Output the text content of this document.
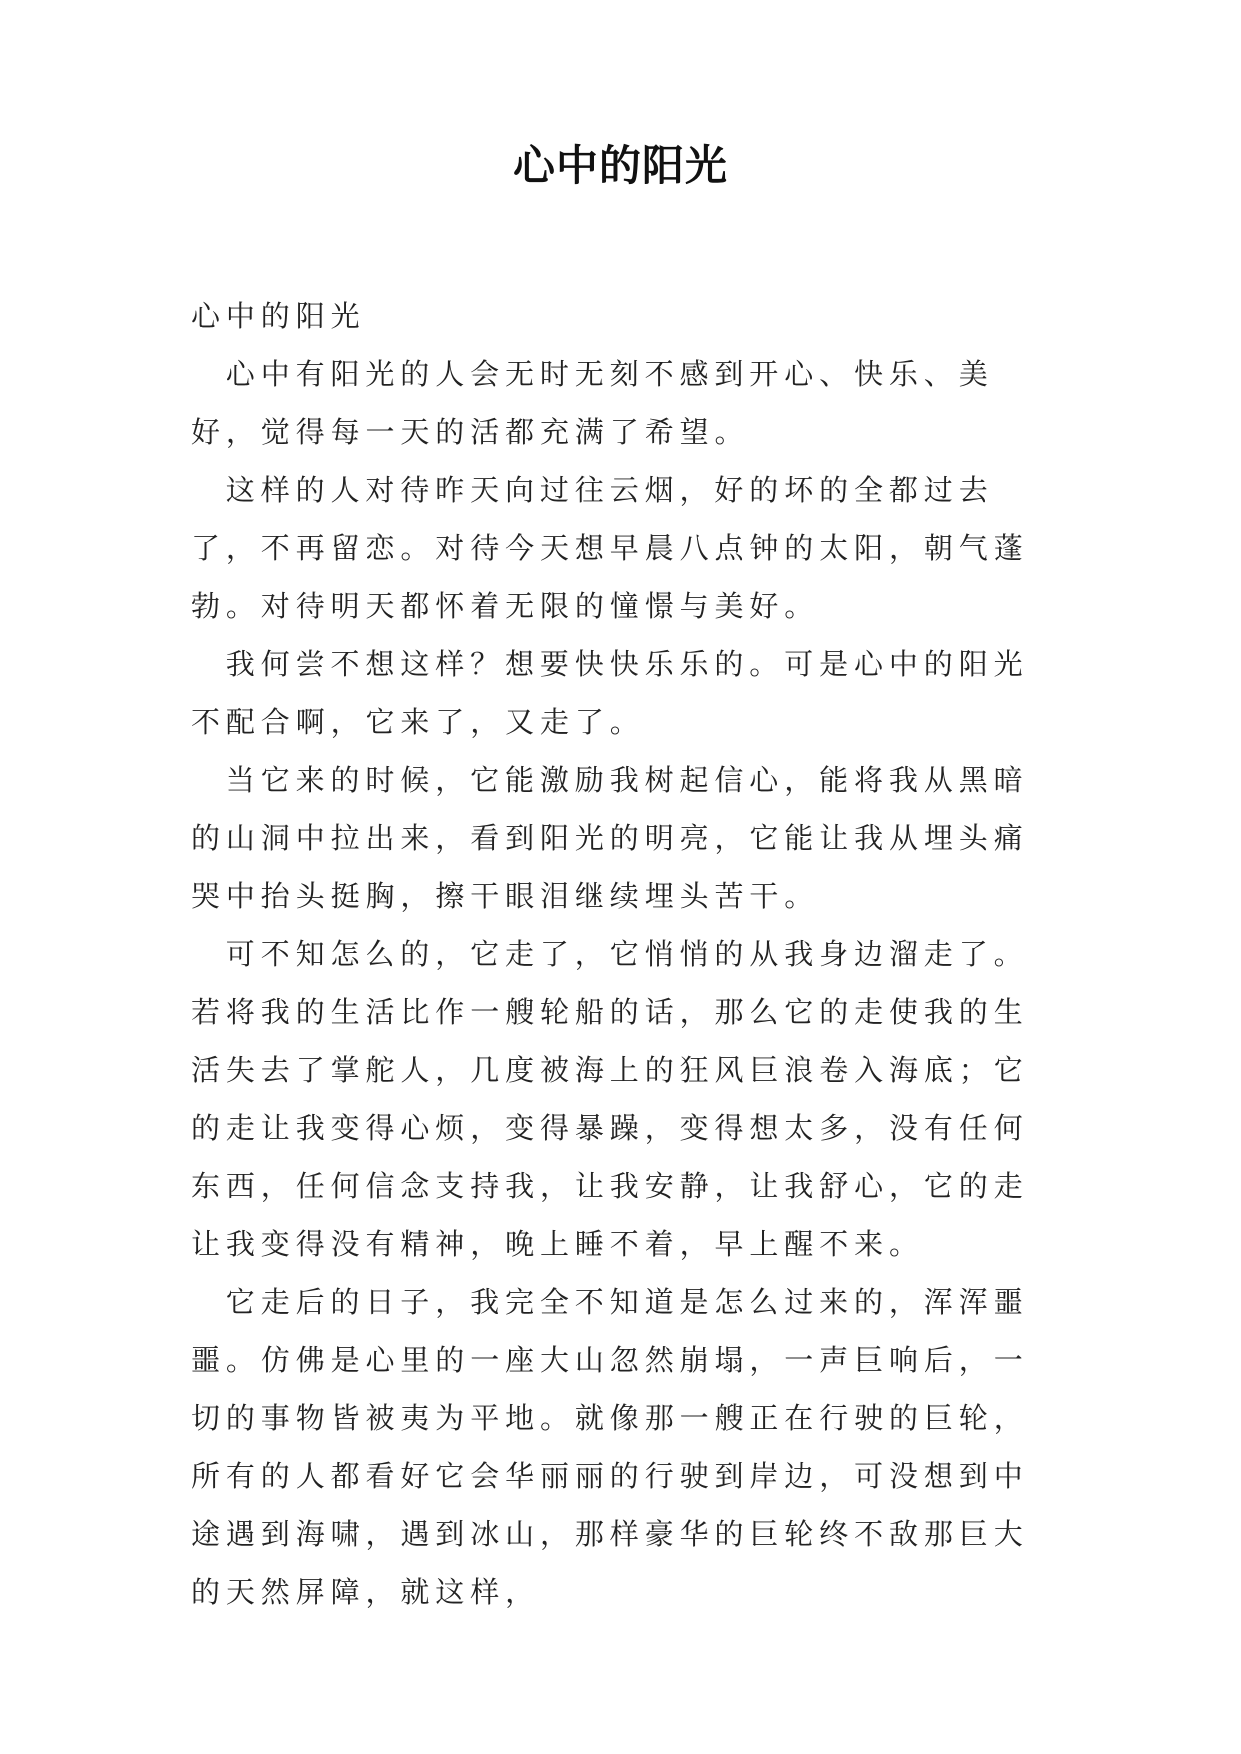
心中的阳光

心中的阳光

心中有阳光的人会无时无刻不感到开心、快乐、美好，觉得每一天的活都充满了希望。

这样的人对待昨天向过往云烟，好的坏的全都过去了，不再留恋。对待今天想早晨八点钟的太阳，朝气蓬勃。对待明天都怀着无限的憧憬与美好。

我何尝不想这样？想要快快乐乐的。可是心中的阳光不配合啊，它来了，又走了。

当它来的时候，它能激励我树起信心，能将我从黑暗的山洞中拉出来，看到阳光的明亮，它能让我从埋头痛哭中抬头挺胸，擦干眼泪继续埋头苦干。

可不知怎么的，它走了，它悄悄的从我身边溜走了。若将我的生活比作一艘轮船的话，那么它的走使我的生活失去了掌舵人，几度被海上的狂风巨浪卷入海底；它的走让我变得心烦，变得暴躁，变得想太多，没有任何东西，任何信念支持我，让我安静，让我舒心，它的走让我变得没有精神，晚上睡不着，早上醒不来。

它走后的日子，我完全不知道是怎么过来的，浑浑噩噩。仿佛是心里的一座大山忽然崩塌，一声巨响后，一切的事物皆被夷为平地。就像那一艘正在行驶的巨轮，所有的人都看好它会华丽丽的行驶到岸边，可没想到中途遇到海啸，遇到冰山，那样豪华的巨轮终不敌那巨大的天然屏障，就这样，
